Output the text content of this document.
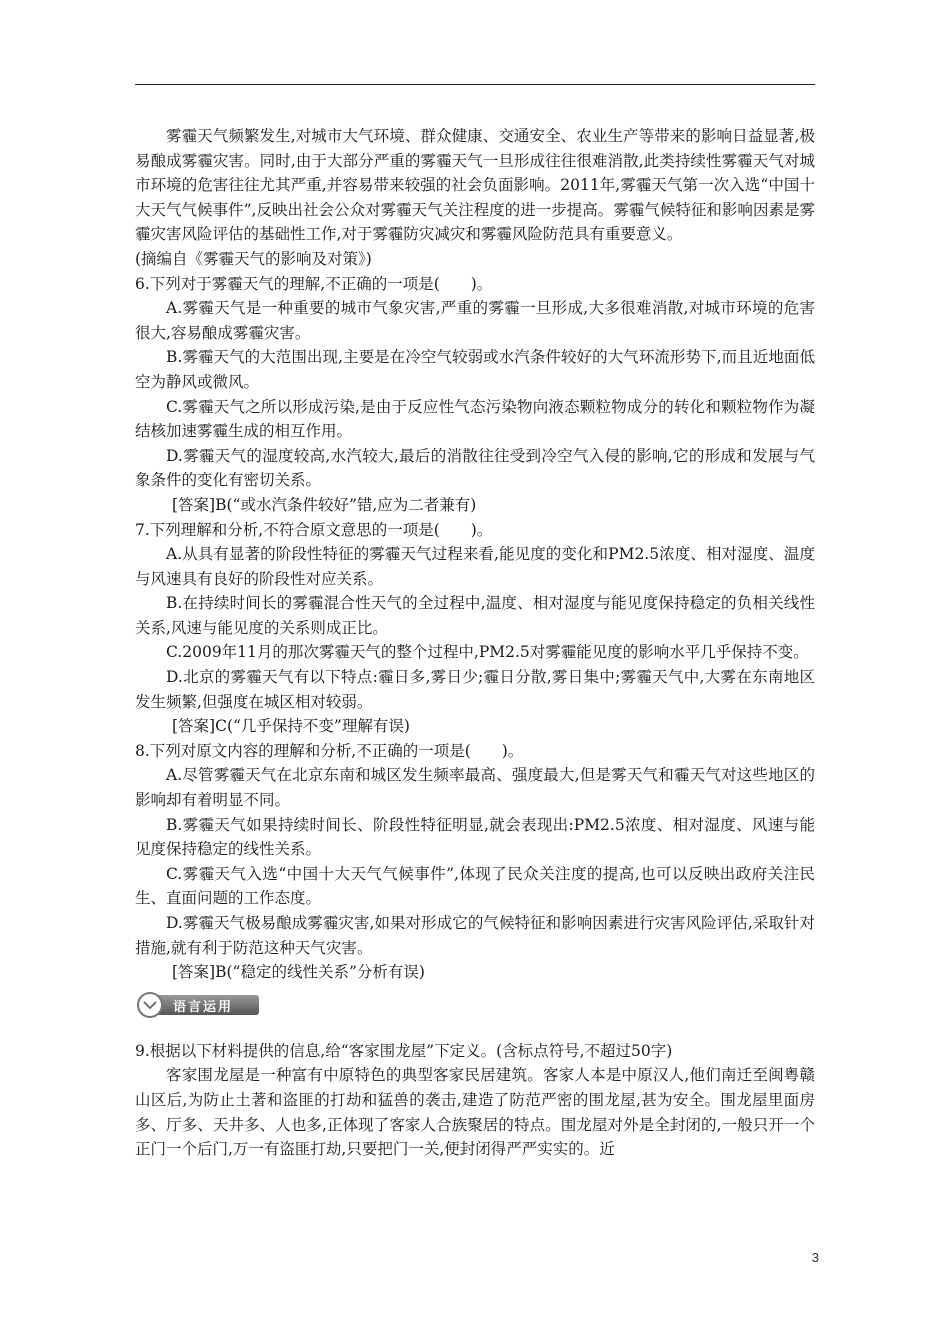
雾霾天气频繁发生,对城市大气环境、群众健康、交通安全、农业生产等带来的影响日益显著,极易酿成雾霾灾害。同时,由于大部分严重的雾霾天气一旦形成往往很难消散,此类持续性雾霾天气对城市环境的危害往往尤其严重,并容易带来较强的社会负面影响。2011年,雾霾天气第一次入选“中国十大天气气候事件”,反映出社会公众对雾霾天气关注程度的进一步提高。雾霾气候特征和影响因素是雾霾灾害风险评估的基础性工作,对于雾霾防灾减灾和雾霾风险防范具有重要意义。

(摘编自《雾霾天气的影响及对策》)

6.下列对于雾霾天气的理解,不正确的一项是(　　)。

A.雾霾天气是一种重要的城市气象灾害,严重的雾霾一旦形成,大多很难消散,对城市环境的危害很大,容易酿成雾霾灾害。

B.雾霾天气的大范围出现,主要是在冷空气较弱或水汽条件较好的大气环流形势下,而且近地面低空为静风或微风。

C.雾霾天气之所以形成污染,是由于反应性气态污染物向液态颗粒物成分的转化和颗粒物作为凝结核加速雾霾生成的相互作用。

D.雾霾天气的湿度较高,水汽较大,最后的消散往往受到冷空气入侵的影响,它的形成和发展与气象条件的变化有密切关系。

[答案]B(“或水汽条件较好”错,应为二者兼有)

7.下列理解和分析,不符合原文意思的一项是(　　)。

A.从具有显著的阶段性特征的雾霾天气过程来看,能见度的变化和PM2.5浓度、相对湿度、温度与风速具有良好的阶段性对应关系。

B.在持续时间长的雾霾混合性天气的全过程中,温度、相对湿度与能见度保持稳定的负相关线性关系,风速与能见度的关系则成正比。

C.2009年11月的那次雾霾天气的整个过程中,PM2.5对雾霾能见度的影响水平几乎保持不变。

D.北京的雾霾天气有以下特点:霾日多,雾日少;霾日分散,雾日集中;雾霾天气中,大雾在东南地区发生频繁,但强度在城区相对较弱。

[答案]C(“几乎保持不变”理解有误)

8.下列对原文内容的理解和分析,不正确的一项是(　　)。

A.尽管雾霾天气在北京东南和城区发生频率最高、强度最大,但是雾天气和霾天气对这些地区的影响却有着明显不同。

B.雾霾天气如果持续时间长、阶段性特征明显,就会表现出:PM2.5浓度、相对湿度、风速与能见度保持稳定的线性关系。

C.雾霾天气入选“中国十大天气气候事件”,体现了民众关注度的提高,也可以反映出政府关注民生、直面问题的工作态度。

D.雾霾天气极易酿成雾霾灾害,如果对形成它的气候特征和影响因素进行灾害风险评估,采取针对措施,就有利于防范这种天气灾害。

[答案]B(“稳定的线性关系”分析有误)

语言运用

9.根据以下材料提供的信息,给“客家围龙屋”下定义。(含标点符号,不超过50字)

客家围龙屋是一种富有中原特色的典型客家民居建筑。客家人本是中原汉人,他们南迁至闽粤赣山区后,为防止土著和盗匪的打劫和猛兽的袭击,建造了防范严密的围龙屋,甚为安全。围龙屋里面房多、厅多、天井多、人也多,正体现了客家人合族聚居的特点。围龙屋对外是全封闭的,一般只开一个正门一个后门,万一有盗匪打劫,只要把门一关,便封闭得严严实实的。近

3
